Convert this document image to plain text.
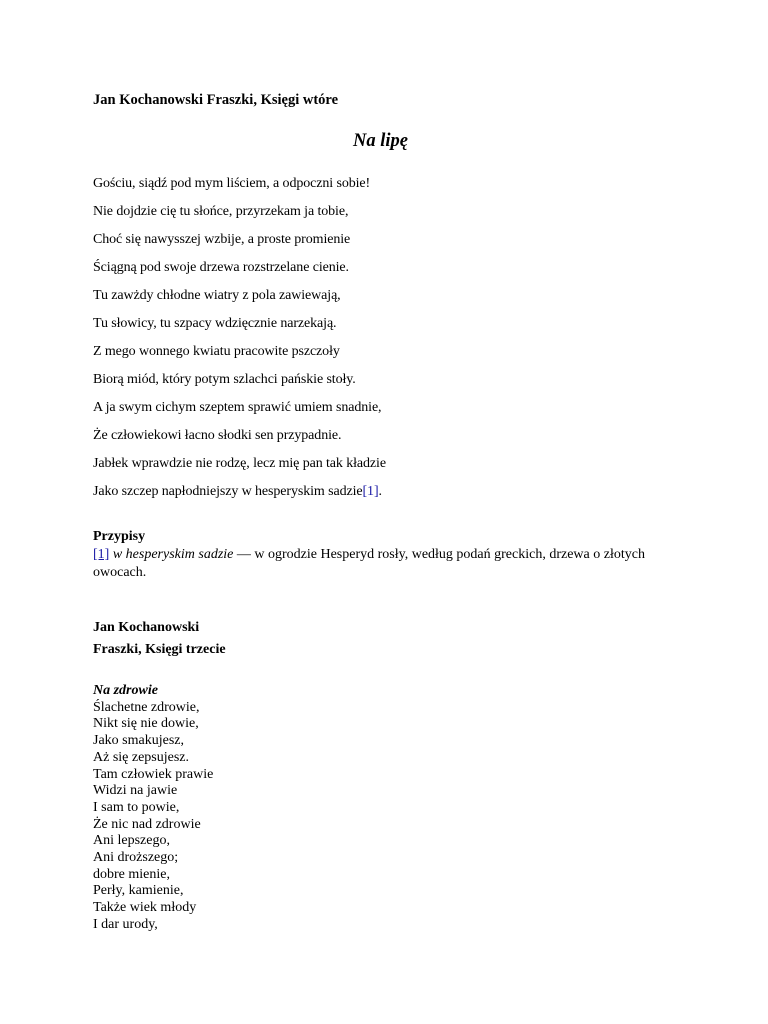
Jan Kochanowski Fraszki, Księgi wtóre
Na lipę
Gościu, siądź pod mym liściem, a odpoczni sobie!
Nie dojdzie cię tu słońce, przyrzekam ja tobie,
Choć się nawysszej wzbije, a proste promienie
Ściągną pod swoje drzewa rozstrzelane cienie.
Tu zawżdy chłodne wiatry z pola zawiewają,
Tu słowicy, tu szpacy wdzięcznie narzekają.
Z mego wonnego kwiatu pracowite pszczoły
Biorą miód, który potym szlachci pańskie stoły.
A ja swym cichym szeptem sprawić umiem snadnie,
Że człowiekowi łacno słodki sen przypadnie.
Jabłek wprawdzie nie rodzę, lecz mię pan tak kładzie
Jako szczep napłodniejszy w hesperyskim sadzie[1].
Przypisy
[1] w hesperyskim sadzie — w ogrodzie Hesperyd rosły, według podań greckich, drzewa o złotych owocach.
Jan Kochanowski
Fraszki, Księgi trzecie
Na zdrowie
Ślachetne zdrowie,
Nikt się nie dowie,
Jako smakujesz,
Aż się zepsujesz.
Tam człowiek prawie
Widzi na jawie
I sam to powie,
Że nic nad zdrowie
Ani lepszego,
Ani droższego;
dobre mienie,
Perły, kamienie,
Także wiek młody
I dar urody,
